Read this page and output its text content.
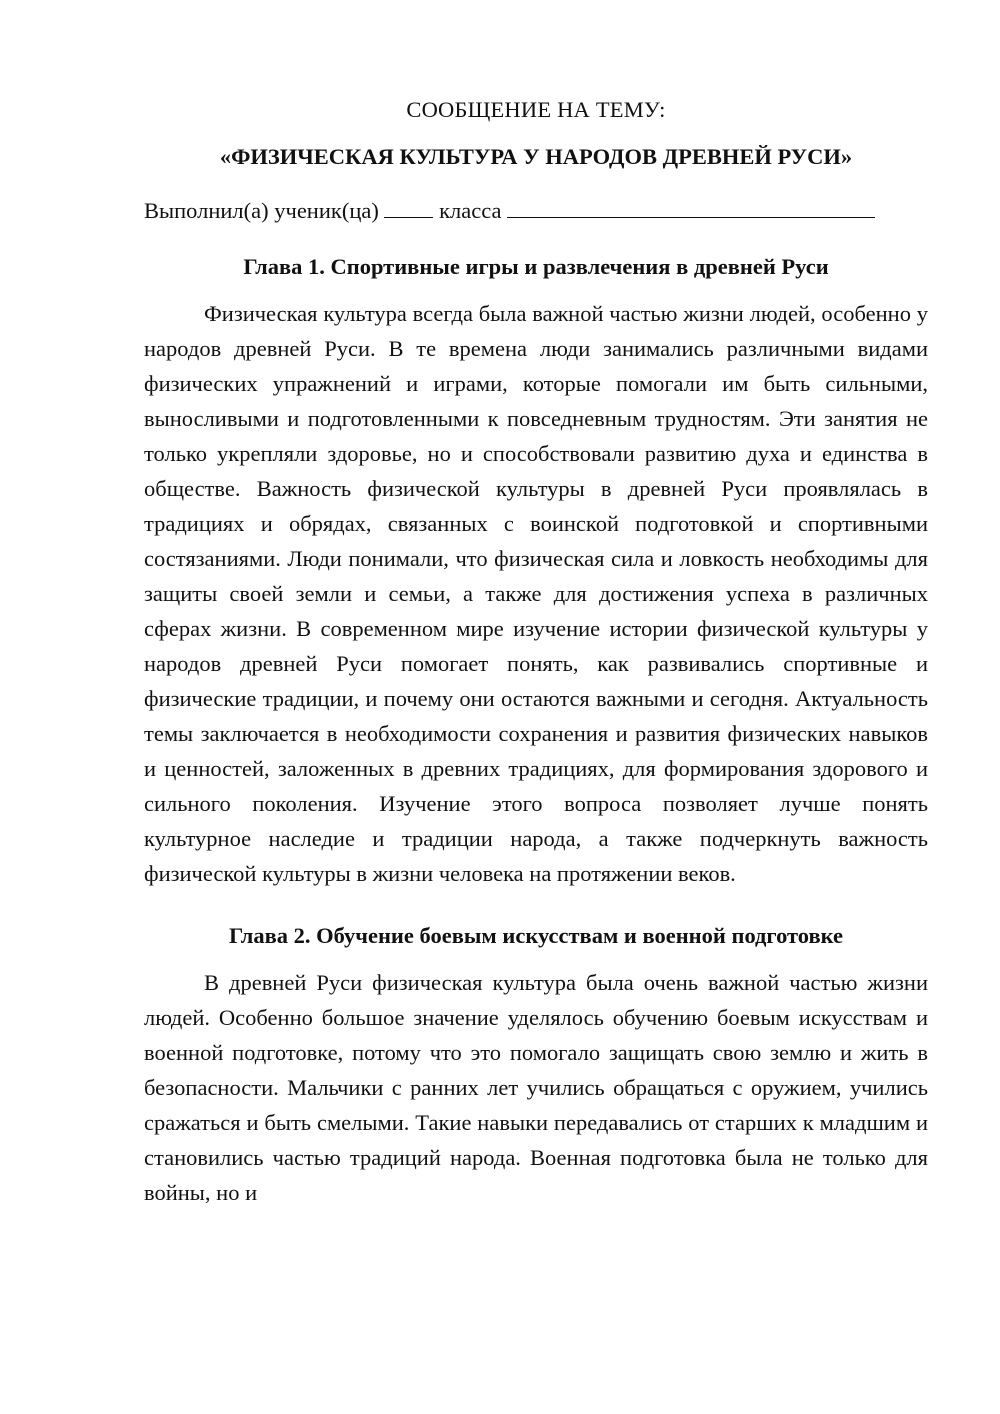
СООБЩЕНИЕ НА ТЕМУ:

«ФИЗИЧЕСКАЯ КУЛЬТУРА У НАРОДОВ ДРЕВНЕЙ РУСИ»

Выполнил(а) ученик(ца)	класса

Глава 1. Спортивные игры и развлечения в древней Руси

Физическая культура всегда была важной частью жизни людей, особенно у народов древней Руси. В те времена люди занимались различными видами физических упражнений и играми, которые помогали им быть сильными, выносливыми и подготовленными к повседневным трудностям. Эти занятия не только укрепляли здоровье, но и способствовали развитию духа и единства в обществе. Важность физической культуры в древней Руси проявлялась в традициях и обрядах, связанных с воинской подготовкой и спортивными состязаниями. Люди понимали, что физическая сила и ловкость необходимы для защиты своей земли и семьи, а также для достижения успеха в различных сферах жизни. В современном мире изучение истории физической культуры у народов древней Руси помогает понять, как развивались спортивные и физические традиции, и почему они остаются важными и сегодня. Актуальность темы заключается в необходимости сохранения и развития физических навыков и ценностей, заложенных в древних традициях, для формирования здорового и сильного поколения. Изучение этого вопроса позволяет лучше понять культурное наследие и традиции народа, а также подчеркнуть важность физической культуры в жизни человека на протяжении веков.

Глава 2. Обучение боевым искусствам и военной подготовке

В древней Руси физическая культура была очень важной частью жизни людей. Особенно большое значение уделялось обучению боевым искусствам и военной подготовке, потому что это помогало защищать свою землю и жить в безопасности. Мальчики с ранних лет учились обращаться с оружием, учились сражаться и быть смелыми. Такие навыки передавались от старших к младшим и становились частью традиций народа. Военная подготовка была не только для войны, но и
